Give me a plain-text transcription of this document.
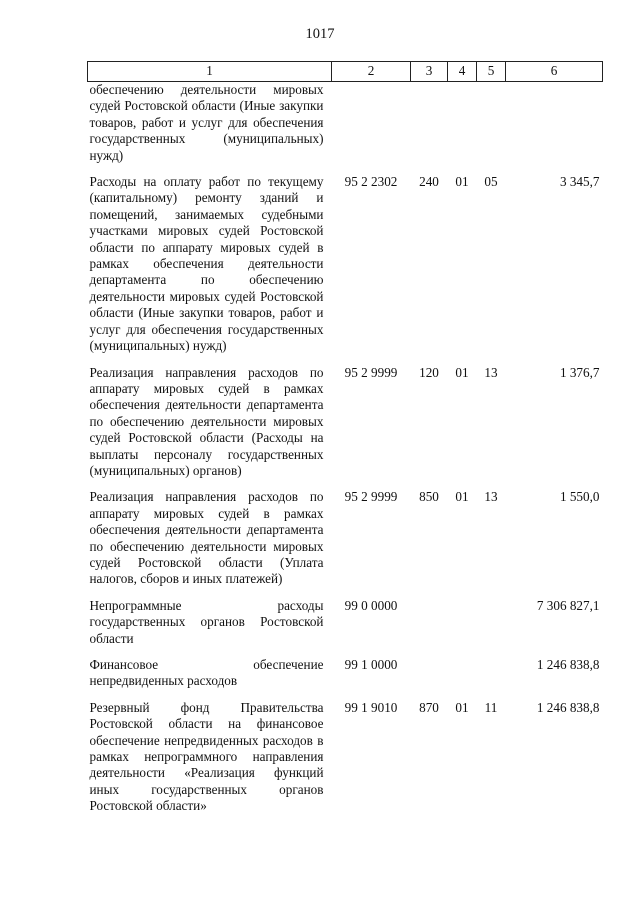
1017
1	2	3	4	5	6
обеспечению деятельности мировых судей Ростовской области (Иные закупки товаров, работ и услуг для обеспечения государственных (муниципальных) нужд)					

Расходы на оплату работ по текущему (капитальному) ремонту зданий и помещений, занимаемых судебными участками мировых судей Ростовской области по аппарату мировых судей в рамках обеспечения деятельности департамента по обеспечению деятельности мировых судей Ростовской области (Иные закупки товаров, работ и услуг для обеспечения государственных (муниципальных) нужд)	95 2 2302	240	01	05	3 345,7

Реализация направления расходов по аппарату мировых судей в рамках обеспечения деятельности департамента по обеспечению деятельности мировых судей Ростовской области (Расходы на выплаты персоналу государственных (муниципальных) органов)	95 2 9999	120	01	13	1 376,7

Реализация направления расходов по аппарату мировых судей в рамках обеспечения деятельности департамента по обеспечению деятельности мировых судей Ростовской области (Уплата налогов, сборов и иных платежей)	95 2 9999	850	01	13	1 550,0

Непрограммные расходы государственных органов Ростовской области	99 0 0000				7 306 827,1

Финансовое обеспечение непредвиденных расходов	99 1 0000				1 246 838,8

Резервный фонд Правительства Ростовской области на финансовое обеспечение непредвиденных расходов в рамках непрограммного направления деятельности «Реализация функций иных государственных органов Ростовской области»	99 1 9010	870	01	11	1 246 838,8
